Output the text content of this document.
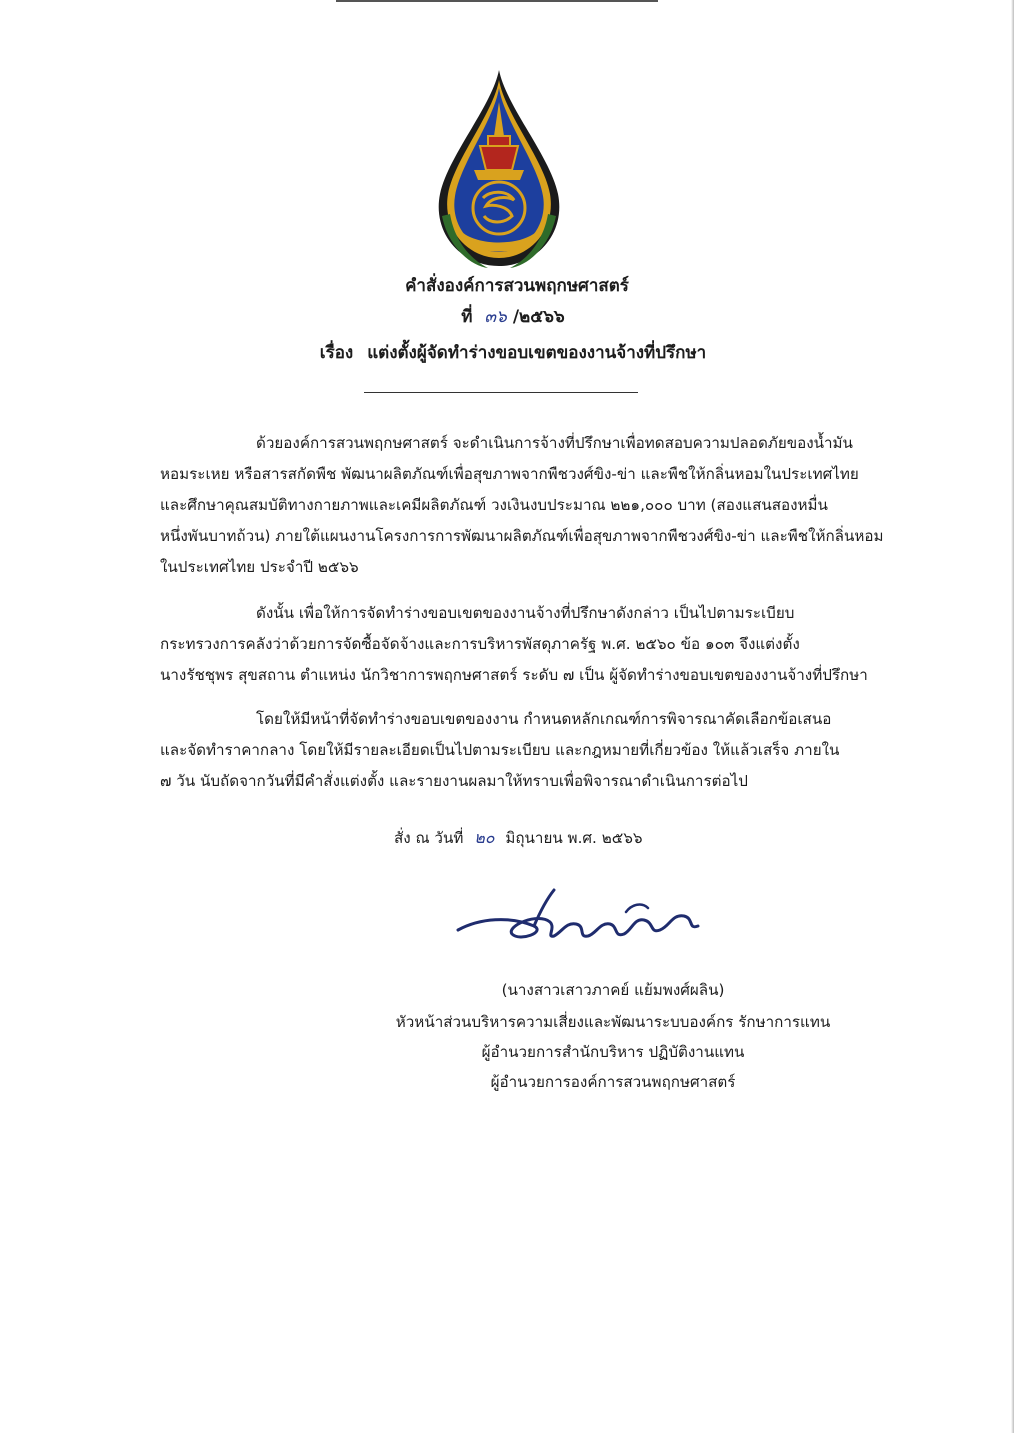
คำสั่งองค์การสวนพฤกษศาสตร์
ที่ ๓๖ /๒๕๖๖
เรื่อง แต่งตั้งผู้จัดทำร่างขอบเขตของงานจ้างที่ปรึกษา
ด้วยองค์การสวนพฤกษศาสตร์ จะดำเนินการจ้างที่ปรึกษาเพื่อทดสอบความปลอดภัยของน้ำมัน
หอมระเหย หรือสารสกัดพืช พัฒนาผลิตภัณฑ์เพื่อสุขภาพจากพืชวงศ์ขิง-ข่า และพืชให้กลิ่นหอมในประเทศไทย
และศึกษาคุณสมบัติทางกายภาพและเคมีผลิตภัณฑ์ วงเงินงบประมาณ ๒๒๑,๐๐๐ บาท (สองแสนสองหมื่น
หนึ่งพันบาทถ้วน) ภายใต้แผนงานโครงการการพัฒนาผลิตภัณฑ์เพื่อสุขภาพจากพืชวงศ์ขิง-ข่า และพืชให้กลิ่นหอม
ในประเทศไทย ประจำปี ๒๕๖๖
ดังนั้น เพื่อให้การจัดทำร่างขอบเขตของงานจ้างที่ปรึกษาดังกล่าว เป็นไปตามระเบียบ
กระทรวงการคลังว่าด้วยการจัดซื้อจัดจ้างและการบริหารพัสดุภาครัฐ พ.ศ. ๒๕๖๐ ข้อ ๑๐๓ จึงแต่งตั้ง
นางรัชชุพร สุขสถาน ตำแหน่ง นักวิชาการพฤกษศาสตร์ ระดับ ๗ เป็น ผู้จัดทำร่างขอบเขตของงานจ้างที่ปรึกษา
โดยให้มีหน้าที่จัดทำร่างขอบเขตของงาน กำหนดหลักเกณฑ์การพิจารณาคัดเลือกข้อเสนอ
และจัดทำราคากลาง โดยให้มีรายละเอียดเป็นไปตามระเบียบ และกฎหมายที่เกี่ยวข้อง ให้แล้วเสร็จ ภายใน
๗ วัน นับถัดจากวันที่มีคำสั่งแต่งตั้ง และรายงานผลมาให้ทราบเพื่อพิจารณาดำเนินการต่อไป
สั่ง ณ วันที่ ๒๐ มิถุนายน พ.ศ. ๒๕๖๖
(นางสาวเสาวภาคย์ แย้มพงศ์ผลิน)
หัวหน้าส่วนบริหารความเสี่ยงและพัฒนาระบบองค์กร รักษาการแทน
ผู้อำนวยการสำนักบริหาร ปฏิบัติงานแทน
ผู้อำนวยการองค์การสวนพฤกษศาสตร์
